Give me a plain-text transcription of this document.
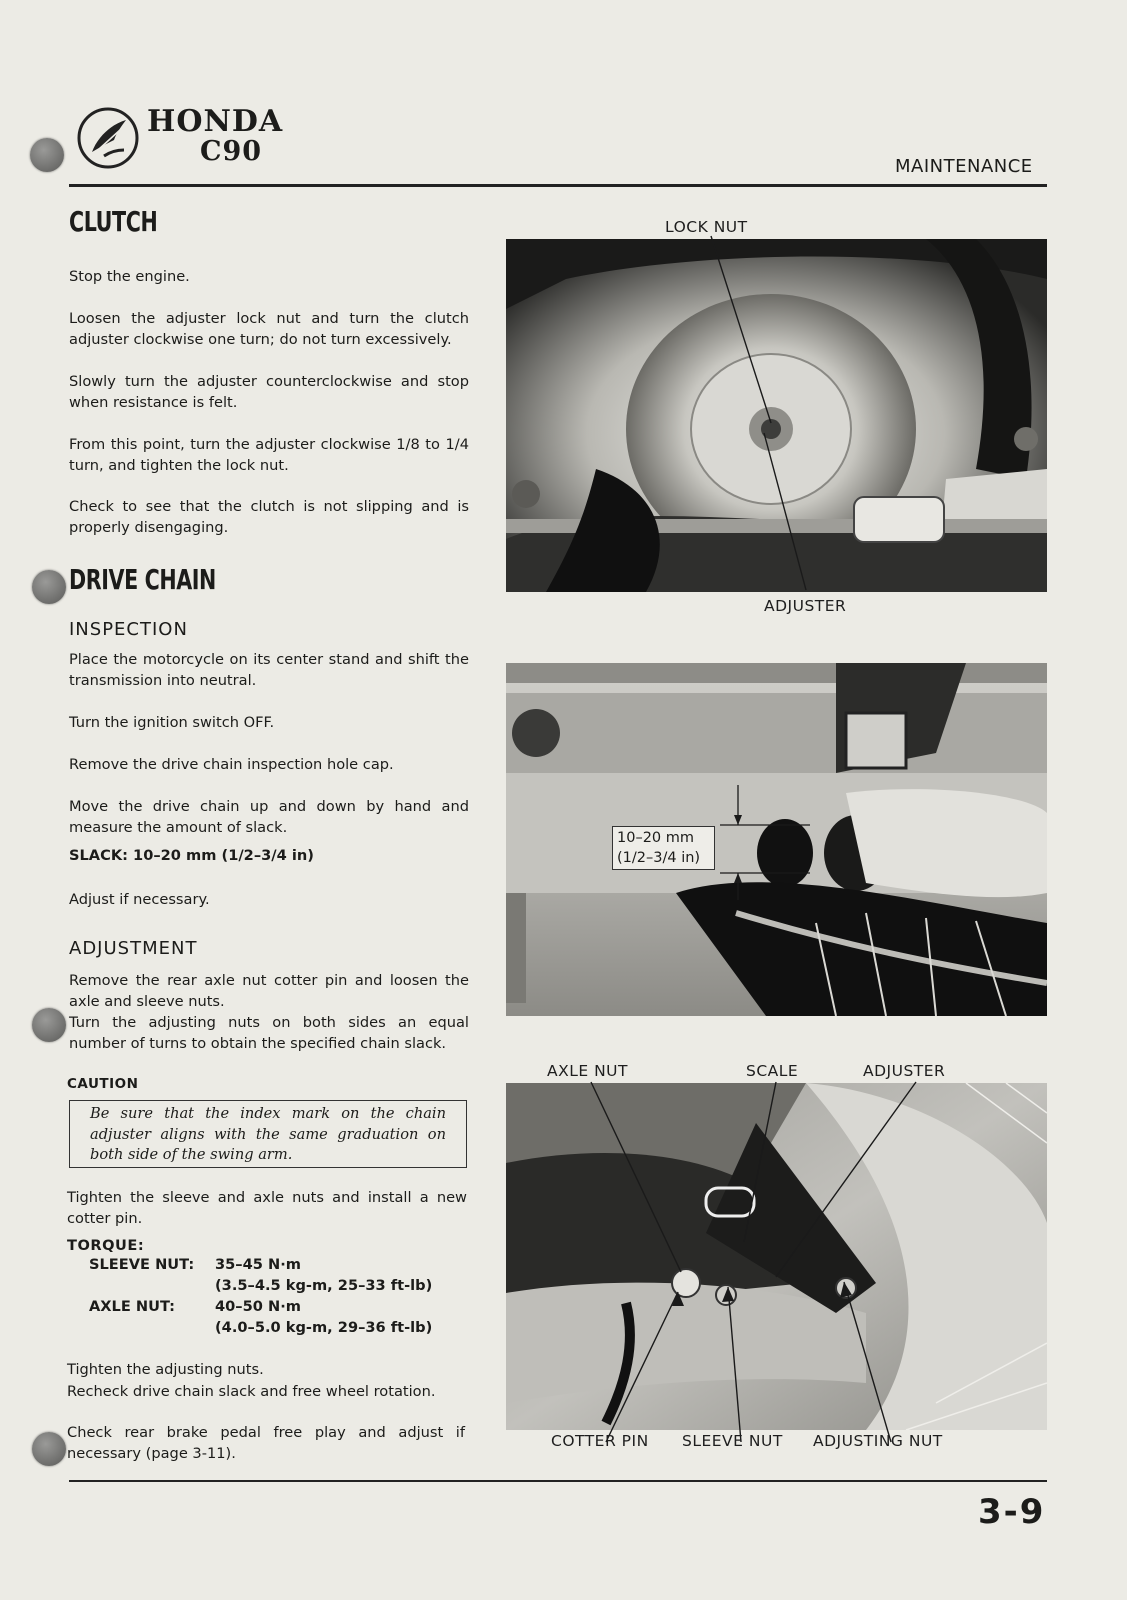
HONDA
C90	MAINTENANCE
CLUTCH
Stop the engine.
Loosen the adjuster lock nut and turn the clutch adjuster clockwise one turn; do not turn excessively.
Slowly turn the adjuster counterclockwise and stop when resistance is felt.
From this point, turn the adjuster clockwise 1/8 to 1/4 turn, and tighten the lock nut.
Check to see that the clutch is not slipping and is properly disengaging.
DRIVE CHAIN
INSPECTION
Place the motorcycle on its center stand and shift the transmission into neutral.
Turn the ignition switch OFF.
Remove the drive chain inspection hole cap.
Move the drive chain up and down by hand and measure the amount of slack.
SLACK: 10–20 mm (1/2–3/4 in)
Adjust if necessary.
ADJUSTMENT
Remove the rear axle nut cotter pin and loosen the axle and sleeve nuts.
Turn the adjusting nuts on both sides an equal number of turns to obtain the specified chain slack.
CAUTION
Be sure that the index mark on the chain adjuster aligns with the same graduation on both side of the swing arm.
Tighten the sleeve and axle nuts and install a new cotter pin.
TORQUE:
SLEEVE NUT: 35–45 N·m
(3.5–4.5 kg-m, 25–33 ft-lb)
AXLE NUT:	40–50 N·m
(4.0–5.0 kg-m, 29–36 ft-lb)
Tighten the adjusting nuts.
Recheck drive chain slack and free wheel rotation.
Check rear brake pedal free play and adjust if necessary (page 3-11).
LOCK NUT
ADJUSTER
10–20 mm
(1/2–3/4 in)
AXLE NUT	SCALE	ADJUSTER
COTTER PIN SLEEVE NUT ADJUSTING NUT
3-9
